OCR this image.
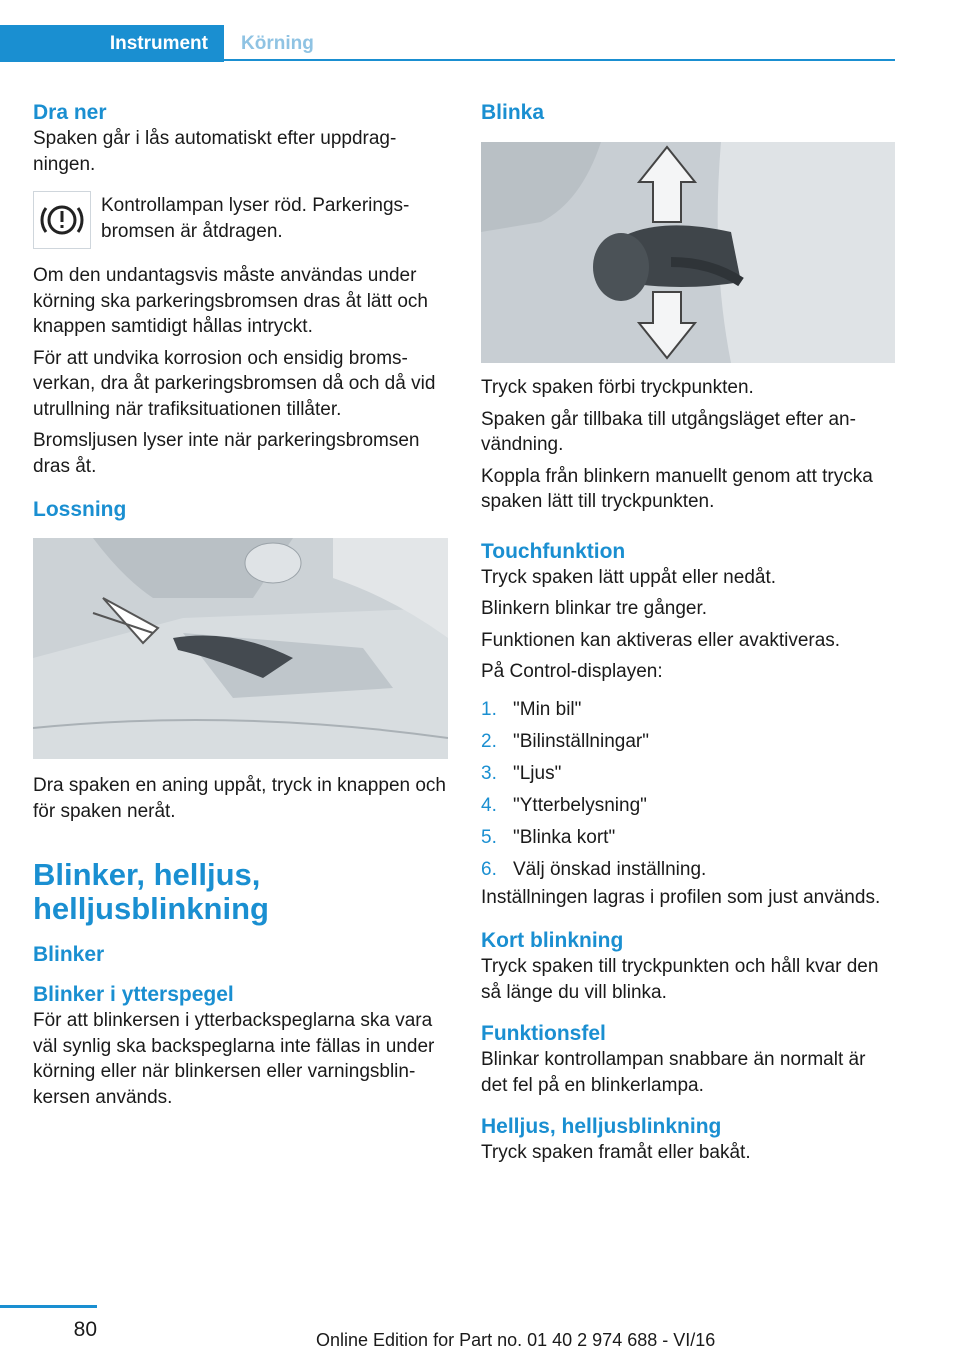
Instrument Körning
Dra ner

Spaken går i lås automatiskt efter uppdrag-ningen.

Kontrollampan lyser röd. Parkerings-bromsen är åtdragen.

Om den undantagsvis måste användas under körning ska parkeringsbromsen dras åt lätt och knappen samtidigt hållas intryckt.

För att undvika korrosion och ensidig broms-verkan, dra åt parkeringsbromsen då och då vid utrullning när trafiksituationen tillåter.

Bromsljusen lyser inte när parkeringsbromsen dras åt.

Lossning

Dra spaken en aning uppåt, tryck in knappen och för spaken neråt.

Blinker, helljus, helljusblinkning
Blinker
Blinker i ytterspegel

För att blinkersen i ytterbackspeglarna ska vara väl synlig ska backspeglarna inte fällas in under körning eller när blinkersen eller varningsblin-kersen används.

Blinka

Tryck spaken förbi tryckpunkten.

Spaken går tillbaka till utgångsläget efter an-vändning.

Koppla från blinkern manuellt genom att trycka spaken lätt till tryckpunkten.

Touchfunktion

Tryck spaken lätt uppåt eller nedåt.

Blinkern blinkar tre gånger.

Funktionen kan aktiveras eller avaktiveras.

På Control-displayen:

1. "Min bil"
2. "Bilinställningar"
3. "Ljus"
4. "Ytterbelysning"
5. "Blinka kort"
6. Välj önskad inställning.

Inställningen lagras i profilen som just används.

Kort blinkning

Tryck spaken till tryckpunkten och håll kvar den så länge du vill blinka.

Funktionsfel

Blinkar kontrollampan snabbare än normalt är det fel på en blinkerlampa.

Helljus, helljusblinkning

Tryck spaken framåt eller bakåt.

80	Online Edition for Part no. 01 40 2 974 688 - VI/16
